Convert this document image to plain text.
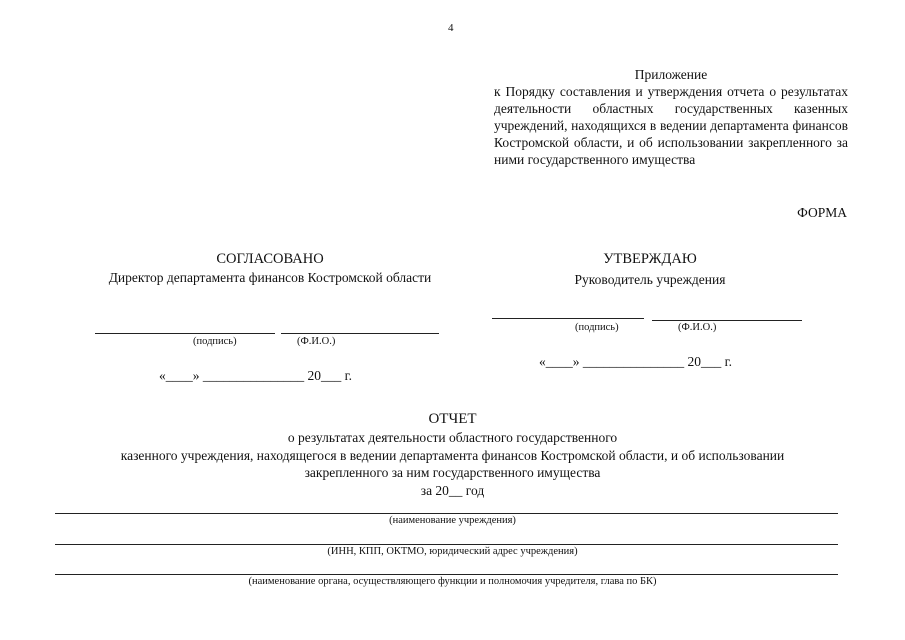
4
Приложение
к Порядку составления и утверждения отчета о результатах деятельности областных государственных казенных учреждений, находящихся в ведении департамента финансов Костромской области, и об использовании закрепленного за ними государственного имущества
ФОРМА
СОГЛАСОВАНО
Директор департамента финансов Костромской области
(подпись)	(Ф.И.О.)
«____» _______________ 20___ г.
УТВЕРЖДАЮ
Руководитель учреждения
(подпись)	(Ф.И.О.)
«____» _______________ 20___ г.
ОТЧЕТ
о результатах деятельности областного государственного
казенного учреждения, находящегося в ведении департамента финансов Костромской области, и об использовании
закрепленного за ним государственного имущества
за 20__ год
(наименование учреждения)
(ИНН, КПП, ОКТМО, юридический адрес учреждения)
(наименование органа, осуществляющего функции и полномочия учредителя, глава по БК)
